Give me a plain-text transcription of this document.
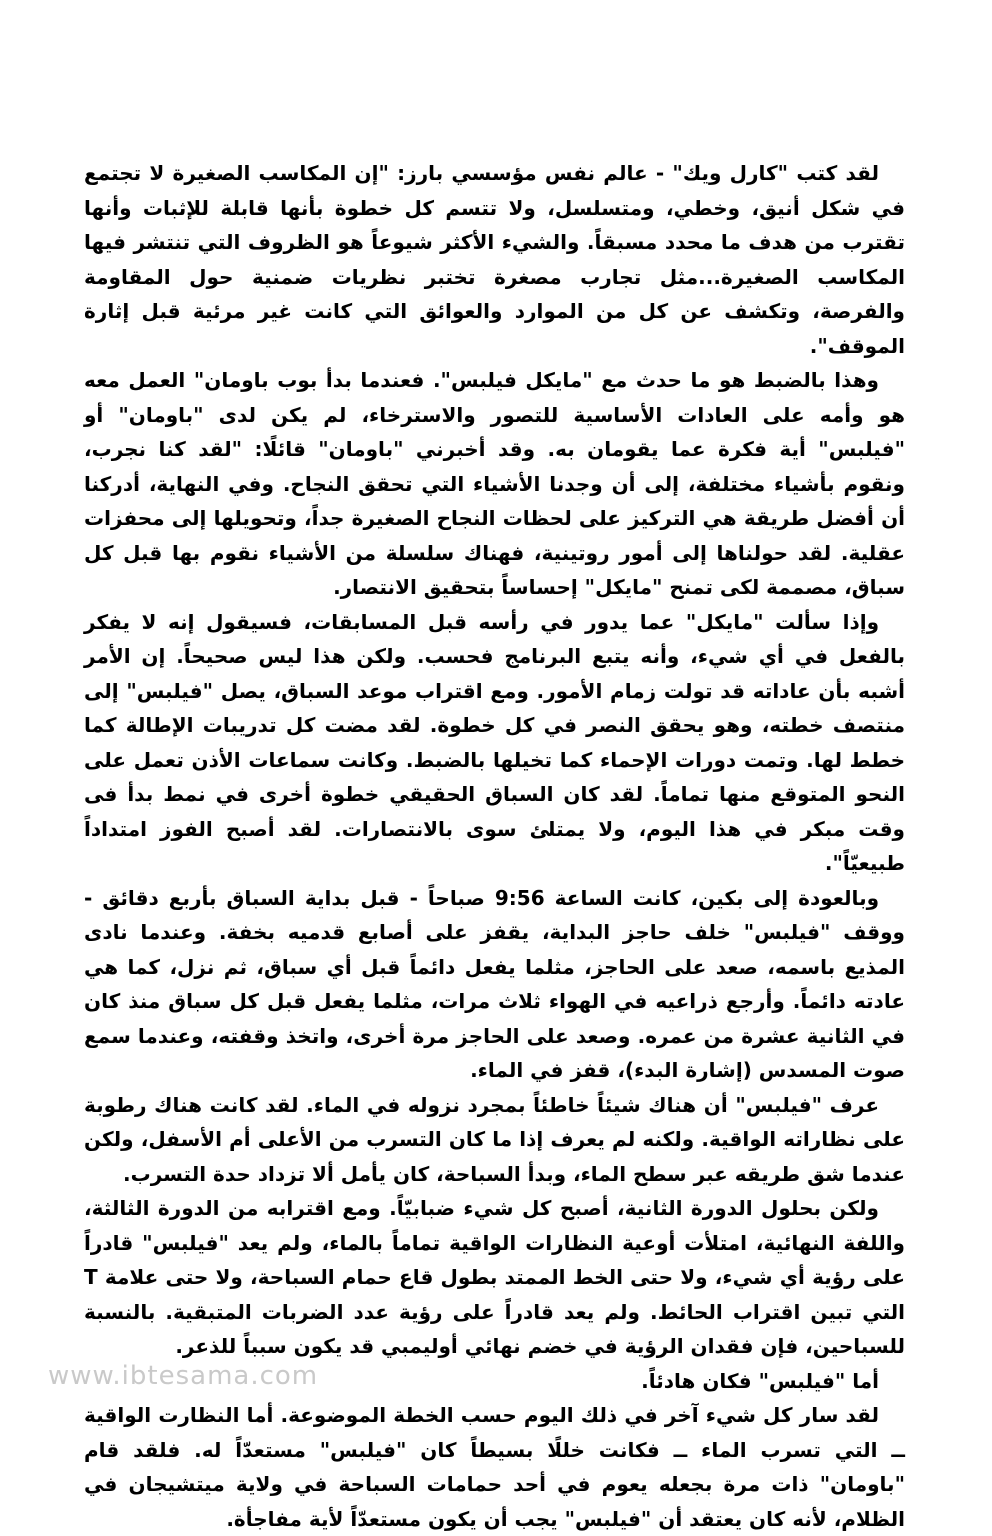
لقد كتب "كارل ويك" - عالم نفس مؤسسي بارز: "إن المكاسب الصغيرة لا تجتمع في شكل أنيق، وخطي، ومتسلسل، ولا تتسم كل خطوة بأنها قابلة للإثبات وأنها تقترب من هدف ما محدد مسبقاً. والشيء الأكثر شيوعاً هو الظروف التي تنتشر فيها المكاسب الصغيرة...مثل تجارب مصغرة تختبر نظريات ضمنية حول المقاومة والفرصة، وتكشف عن كل من الموارد والعوائق التي كانت غير مرئية قبل إثارة الموقف".

وهذا بالضبط هو ما حدث مع "مايكل فيلبس". فعندما بدأ بوب باومان" العمل معه هو وأمه على العادات الأساسية للتصور والاسترخاء، لم يكن لدى "باومان" أو "فيلبس" أية فكرة عما يقومان به. وقد أخبرني "باومان" قائلًا: "لقد كنا نجرب، ونقوم بأشياء مختلفة، إلى أن وجدنا الأشياء التي تحقق النجاح. وفي النهاية، أدركنا أن أفضل طريقة هي التركيز على لحظات النجاح الصغيرة جداً، وتحويلها إلى محفزات عقلية. لقد حولناها إلى أمور روتينية، فهناك سلسلة من الأشياء نقوم بها قبل كل سباق، مصممة لكى تمنح "مايكل" إحساساً بتحقيق الانتصار.

وإذا سألت "مايكل" عما يدور في رأسه قبل المسابقات، فسيقول إنه لا يفكر بالفعل في أي شيء، وأنه يتبع البرنامج فحسب. ولكن هذا ليس صحيحاً. إن الأمر أشبه بأن عاداته قد تولت زمام الأمور. ومع اقتراب موعد السباق، يصل "فيلبس" إلى منتصف خطته، وهو يحقق النصر في كل خطوة. لقد مضت كل تدريبات الإطالة كما خطط لها. وتمت دورات الإحماء كما تخيلها بالضبط. وكانت سماعات الأذن تعمل على النحو المتوقع منها تماماً. لقد كان السباق الحقيقي خطوة أخرى في نمط بدأ فى وقت مبكر في هذا اليوم، ولا يمتلئ سوى بالانتصارات. لقد أصبح الفوز امتداداً طبيعيّاً".

وبالعودة إلى بكين، كانت الساعة 9:56 صباحاً - قبل بداية السباق بأربع دقائق - ووقف "فيلبس" خلف حاجز البداية، يقفز على أصابع قدميه بخفة. وعندما نادى المذيع باسمه، صعد على الحاجز، مثلما يفعل دائماً قبل أي سباق، ثم نزل، كما هي عادته دائماً. وأرجع ذراعيه في الهواء ثلاث مرات، مثلما يفعل قبل كل سباق منذ كان في الثانية عشرة من عمره. وصعد على الحاجز مرة أخرى، واتخذ وقفته، وعندما سمع صوت المسدس (إشارة البدء)، قفز في الماء.

عرف "فيلبس" أن هناك شيئاً خاطئاً بمجرد نزوله في الماء. لقد كانت هناك رطوبة على نظاراته الواقية. ولكنه لم يعرف إذا ما كان التسرب من الأعلى أم الأسفل، ولكن عندما شق طريقه عبر سطح الماء، وبدأ السباحة، كان يأمل ألا تزداد حدة التسرب.

ولكن بحلول الدورة الثانية، أصبح كل شيء ضبابيّاً. ومع اقترابه من الدورة الثالثة، واللفة النهائية، امتلأت أوعية النظارات الواقية تماماً بالماء، ولم يعد "فيلبس" قادراً على رؤية أي شيء، ولا حتى الخط الممتد بطول قاع حمام السباحة، ولا حتى علامة T التي تبين اقتراب الحائط. ولم يعد قادراً على رؤية عدد الضربات المتبقية. بالنسبة للسباحين، فإن فقدان الرؤية في خضم نهائي أوليمبي قد يكون سبباً للذعر.

أما "فيلبس" فكان هادئاً.

لقد سار كل شيء آخر في ذلك اليوم حسب الخطة الموضوعة. أما النظارت الواقية ــ التي تسرب الماء ــ فكانت خللًا بسيطاً كان "فيلبس" مستعدّاً له. فلقد قام "باومان" ذات مرة بجعله يعوم في أحد حمامات السباحة في ولاية ميتشيجان في الظلام، لأنه كان يعتقد أن "فيلبس" يجب أن يكون مستعدّاً لأية مفاجأة.

www.ibtesama.com
